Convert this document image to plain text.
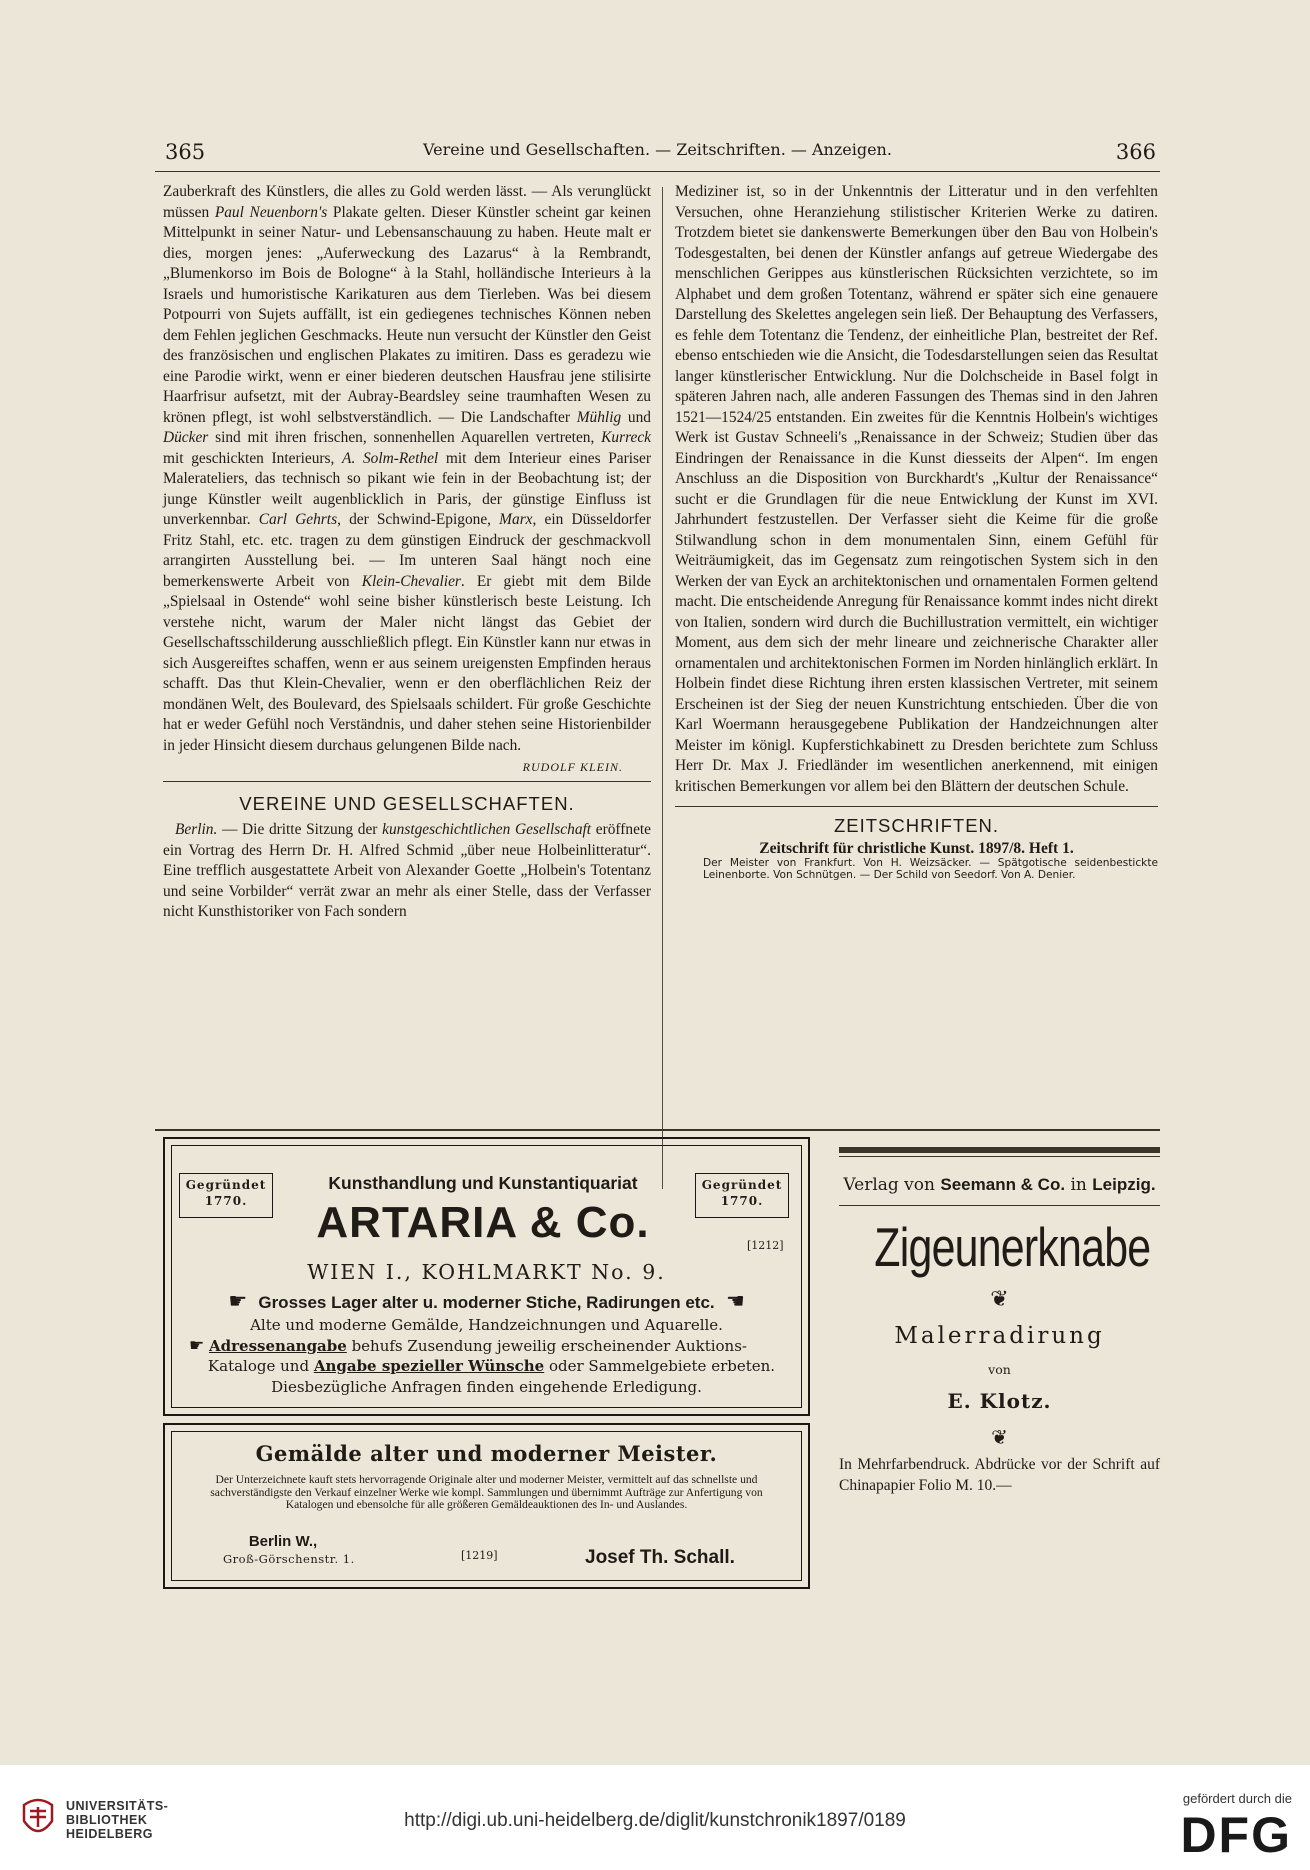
365	Vereine und Gesellschaften. — Zeitschriften. — Anzeigen.	366

Zauberkraft des Künstlers, die alles zu Gold werden lässt. — Als verunglückt müssen Paul Neuenborn's Plakate gelten. Dieser Künstler scheint gar keinen Mittelpunkt in seiner Natur- und Lebensanschauung zu haben. Heute malt er dies, morgen jenes: „Auferweckung des Lazarus“ à la Rembrandt, „Blumenkorso im Bois de Bologne“ à la Stahl, holländische Interieurs à la Israels und humoristische Karikaturen aus dem Tierleben. Was bei diesem Potpourri von Sujets auffällt, ist ein gediegenes technisches Können neben dem Fehlen jeglichen Geschmacks. Heute nun versucht der Künstler den Geist des französischen und englischen Plakates zu imitiren. Dass es geradezu wie eine Parodie wirkt, wenn er einer biederen deutschen Hausfrau jene stilisirte Haarfrisur aufsetzt, mit der Aubray-Beardsley seine traumhaften Wesen zu krönen pflegt, ist wohl selbstverständlich. — Die Landschafter Mühlig und Dücker sind mit ihren frischen, sonnenhellen Aquarellen vertreten, Kurreck mit geschickten Interieurs, A. Solm-Rethel mit dem Interieur eines Pariser Malerateliers, das technisch so pikant wie fein in der Beobachtung ist; der junge Künstler weilt augenblicklich in Paris, der günstige Einfluss ist unverkennbar. Carl Gehrts, der Schwind-Epigone, Marx, ein Düsseldorfer Fritz Stahl, etc. etc. tragen zu dem günstigen Eindruck der geschmackvoll arrangirten Ausstellung bei. — Im unteren Saal hängt noch eine bemerkenswerte Arbeit von Klein-Chevalier. Er giebt mit dem Bilde „Spielsaal in Ostende“ wohl seine bisher künstlerisch beste Leistung. Ich verstehe nicht, warum der Maler nicht längst das Gebiet der Gesellschaftsschilderung ausschließlich pflegt. Ein Künstler kann nur etwas in sich Ausgereiftes schaffen, wenn er aus seinem ureigensten Empfinden heraus schafft. Das thut Klein-Chevalier, wenn er den oberflächlichen Reiz der mondänen Welt, des Boulevard, des Spielsaals schildert. Für große Geschichte hat er weder Gefühl noch Verständnis, und daher stehen seine Historienbilder in jeder Hinsicht diesem durchaus gelungenen Bilde nach.

RUDOLF KLEIN.
VEREINE UND GESELLSCHAFTEN.

Berlin. — Die dritte Sitzung der kunstgeschichtlichen Gesellschaft eröffnete ein Vortrag des Herrn Dr. H. Alfred Schmid „über neue Holbeinlitteratur“. Eine trefflich ausgestattete Arbeit von Alexander Goette „Holbein's Totentanz und seine Vorbilder“ verrät zwar an mehr als einer Stelle, dass der Verfasser nicht Kunsthistoriker von Fach sondern

Mediziner ist, so in der Unkenntnis der Litteratur und in den verfehlten Versuchen, ohne Heranziehung stilistischer Kriterien Werke zu datiren. Trotzdem bietet sie dankenswerte Bemerkungen über den Bau von Holbein's Todesgestalten, bei denen der Künstler anfangs auf getreue Wiedergabe des menschlichen Gerippes aus künstlerischen Rücksichten verzichtete, so im Alphabet und dem großen Totentanz, während er später sich eine genauere Darstellung des Skelettes angelegen sein ließ. Der Behauptung des Verfassers, es fehle dem Totentanz die Tendenz, der einheitliche Plan, bestreitet der Ref. ebenso entschieden wie die Ansicht, die Todesdarstellungen seien das Resultat langer künstlerischer Entwicklung. Nur die Dolchscheide in Basel folgt in späteren Jahren nach, alle anderen Fassungen des Themas sind in den Jahren 1521—1524/25 entstanden. Ein zweites für die Kenntnis Holbein's wichtiges Werk ist Gustav Schneeli's „Renaissance in der Schweiz; Studien über das Eindringen der Renaissance in die Kunst diesseits der Alpen“. Im engen Anschluss an die Disposition von Burckhardt's „Kultur der Renaissance“ sucht er die Grundlagen für die neue Entwicklung der Kunst im XVI. Jahrhundert festzustellen. Der Verfasser sieht die Keime für die große Stilwandlung schon in dem monumentalen Sinn, einem Gefühl für Weiträumigkeit, das im Gegensatz zum reingotischen System sich in den Werken der van Eyck an architektonischen und ornamentalen Formen geltend macht. Die entscheidende Anregung für Renaissance kommt indes nicht direkt von Italien, sondern wird durch die Buchillustration vermittelt, ein wichtiger Moment, aus dem sich der mehr lineare und zeichnerische Charakter aller ornamentalen und architektonischen Formen im Norden hinlänglich erklärt. In Holbein findet diese Richtung ihren ersten klassischen Vertreter, mit seinem Erscheinen ist der Sieg der neuen Kunstrichtung entschieden. Über die von Karl Woermann herausgegebene Publikation der Handzeichnungen alter Meister im königl. Kupferstichkabinett zu Dresden berichtete zum Schluss Herr Dr. Max J. Friedländer im wesentlichen anerkennend, mit einigen kritischen Bemerkungen vor allem bei den Blättern der deutschen Schule.

ZEITSCHRIFTEN.
Zeitschrift für christliche Kunst. 1897/8. Heft 1.
Der Meister von Frankfurt. Von H. Weizsäcker. — Spätgotische seidenbestickte Leinenborte. Von Schnütgen. — Der Schild von Seedorf. Von A. Denier.
Gegründet
1770.
Gegründet
1770.
Kunsthandlung und Kunstantiquariat
ARTARIA & Co.	[1212]
WIEN I., KOHLMARKT No. 9.
☛ Grosses Lager alter u. moderner Stiche, Radirungen etc. ☛
Alte und moderne Gemälde, Handzeichnungen und Aquarelle.
☛ Adressenangabe behufs Zusendung jeweilig erscheinender Auktions-
Kataloge und Angabe spezieller Wünsche oder Sammelgebiete erbeten.
Diesbezügliche Anfragen finden eingehende Erledigung.
Gemälde alter und moderner Meister.
Der Unterzeichnete kauft stets hervorragende Originale alter und moderner Meister, vermittelt auf das schnellste und sachverständigste den Verkauf einzelner Werke wie kompl. Sammlungen und übernimmt Aufträge zur Anfertigung von Katalogen und ebensolche für alle größeren Gemäldeauktionen des In- und Auslandes.
Berlin W.,
Groß-Görschenstr. 1.	[1219]	Josef Th. Schall.
Verlag von Seemann & Co. in Leipzig.
Zigeunerknabe
❦
Malerradirung
von
E. Klotz.
❦
In Mehrfarbendruck. Abdrücke vor der Schrift auf Chinapapier Folio M. 10.—
UNIVERSITÄTS-
BIBLIOTHEK
HEIDELBERG
http://digi.ub.uni-heidelberg.de/diglit/kunstchronik1897/0189
gefördert durch die
DFG
